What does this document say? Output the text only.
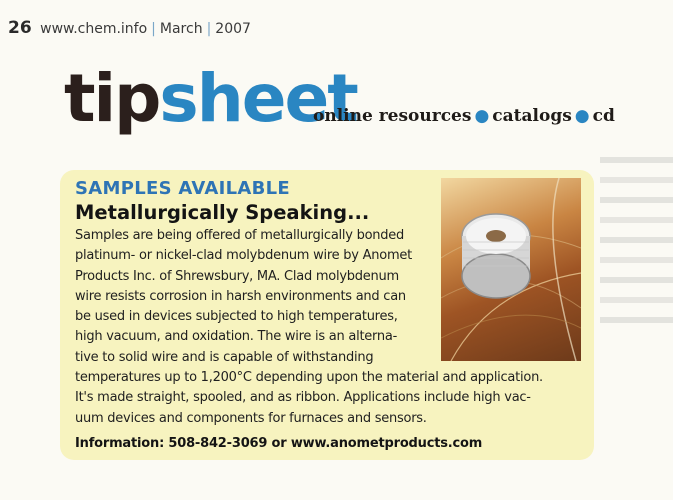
26 www.chem.info | March | 2007
tipsheet
online resources ● catalogs ● cd
SAMPLES AVAILABLE
Metallurgically Speaking...
Samples are being offered of metallurgically bonded
platinum- or nickel-clad molybdenum wire by Anomet
Products Inc. of Shrewsbury, MA. Clad molybdenum
wire resists corrosion in harsh environments and can
be used in devices subjected to high temperatures,
high vacuum, and oxidation. The wire is an alterna-
tive to solid wire and is capable of withstanding
temperatures up to 1,200°C depending upon the material and application.
It's made straight, spooled, and as ribbon. Applications include high vac-
uum devices and components for furnaces and sensors.
Information: 508-842-3069 or www.anometproducts.com
